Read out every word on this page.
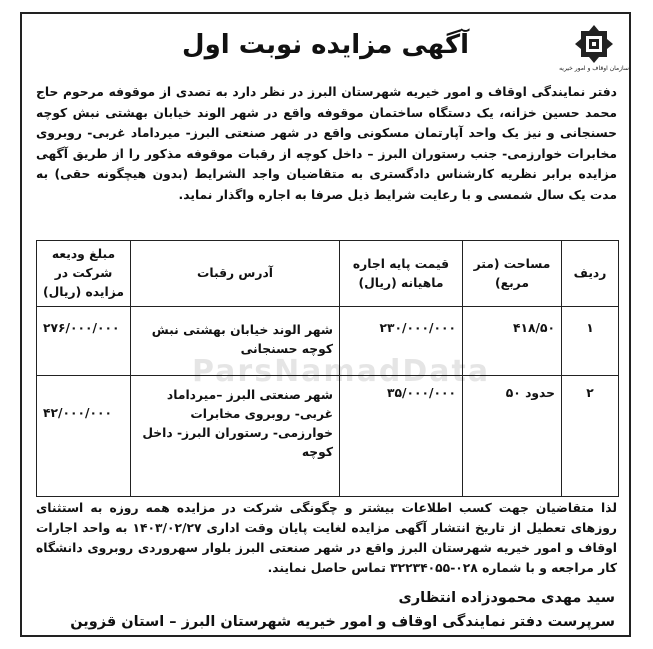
سازمان اوقاف و امور خیریه
آگهی مزایده نوبت اول
دفتر نمایندگی اوقاف و امور خیریه شهرستان البرز در نظر دارد به تصدی از موقوفه مرحوم حاج محمد حسین خزانه، یک دستگاه ساختمان موقوفه واقع در شهر الوند خیابان بهشتی نبش کوچه حسنجانی و نیز یک واحد آپارتمان مسکونی واقع در شهر صنعتی البرز- میرداماد غربی- روبروی مخابرات خوارزمی- جنب رستوران البرز – داخل کوچه از رقبات موقوفه مذکور را از طریق آگهی مزایده برابر نظریه کارشناس دادگستری به متقاضیان واجد الشرایط (بدون هیچگونه حقی) به مدت یک سال شمسی و با رعایت شرایط ذیل صرفا به اجاره واگذار نماید.
ردیف	مساحت (متر مربع)	قیمت پایه اجاره ماهیانه (ریال)	آدرس رقبات	مبلغ ودیعه شرکت در مزایده (ریال)
۱	۴۱۸/۵۰	۲۳۰/۰۰۰/۰۰۰	شهر الوند خیابان بهشتی نبش کوچه حسنجانی	۲۷۶/۰۰۰/۰۰۰
۲	حدود ۵۰	۳۵/۰۰۰/۰۰۰	شهر صنعتی البرز –میرداماد غربی- روبروی مخابرات خوارزمی- رستوران البرز- داخل کوچه	۴۲/۰۰۰/۰۰۰
ParsNamadData
لذا متقاضیان جهت کسب اطلاعات بیشتر و چگونگی شرکت در مزایده همه روزه به استثنای روزهای تعطیل از تاریخ انتشار آگهی مزایده لغایت پایان وقت اداری ۱۴۰۳/۰۲/۲۷ به واحد اجارات اوقاف و امور خیریه شهرستان البرز واقع در شهر صنعتی البرز بلوار سهروردی روبروی دانشگاه کار مراجعه و با شماره ۰۲۸-۳۲۲۳۴۰۵۵ تماس حاصل نمایند.
سید مهدی محمودزاده انتظاری
سرپرست دفتر نمایندگی اوقاف و امور خیریه شهرستان البرز – استان قزوین
